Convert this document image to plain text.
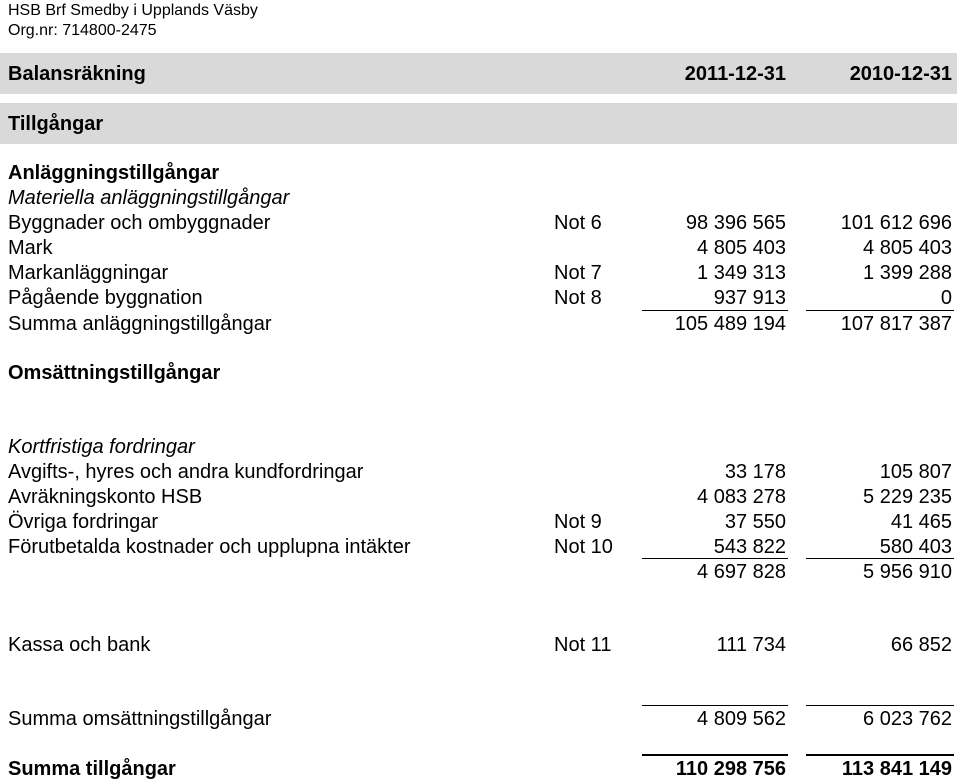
HSB Brf Smedby i Upplands Väsby
Org.nr: 714800-2475
Balansräkning	2011-12-31	2010-12-31
Tillgångar
Anläggningstillgångar
Materiella anläggningstillgångar
Byggnader och ombyggnader	Not 6	98 396 565	101 612 696
Mark	4 805 403	4 805 403
Markanläggningar	Not 7	1 349 313	1 399 288
Pågående byggnation	Not 8	937 913	0
Summa anläggningstillgångar	105 489 194	107 817 387
Omsättningstillgångar
Kortfristiga fordringar
Avgifts-, hyres och andra kundfordringar	33 178	105 807
Avräkningskonto HSB	4 083 278	5 229 235
Övriga fordringar	Not 9	37 550	41 465
Förutbetalda kostnader och upplupna intäkter	Not 10	543 822	580 403
4 697 828	5 956 910
Kassa och bank	Not 11	111 734	66 852
Summa omsättningstillgångar	4 809 562	6 023 762
Summa tillgångar	110 298 756	113 841 149
